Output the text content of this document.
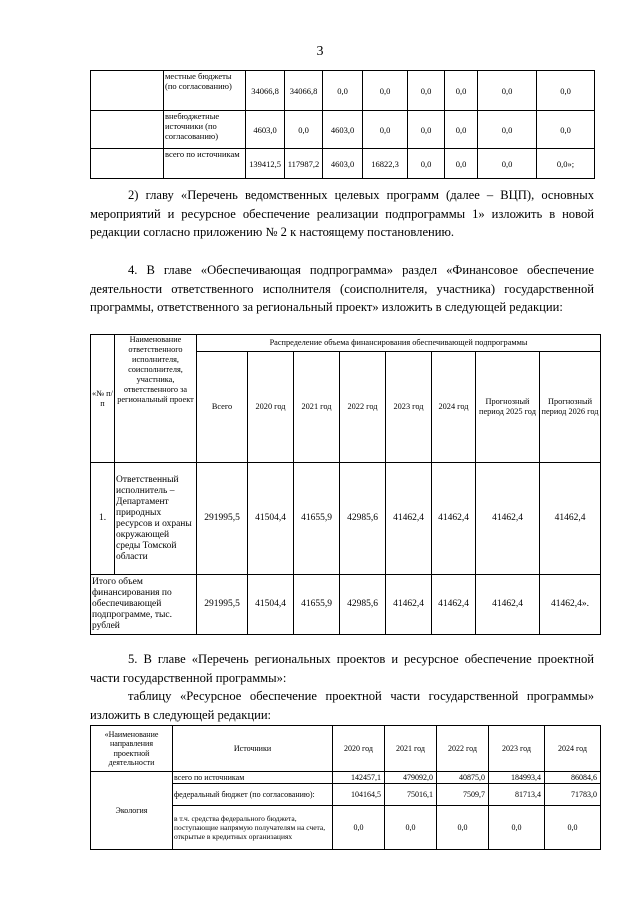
3
	местные бюджеты (по согласованию)	34066,8	34066,8	0,0	0,0	0,0	0,0	0,0	0,0
	внебюджетные источники (по согласованию)	4603,0	0,0	4603,0	0,0	0,0	0,0	0,0	0,0
	всего по источникам	139412,5	117987,2	4603,0	16822,3	0,0	0,0	0,0	0,0»;

2) главу «Перечень ведомственных целевых программ (далее – ВЦП), основных мероприятий и ресурсное обеспечение реализации подпрограммы 1» изложить в новой редакции согласно приложению № 2 к настоящему постановлению.

4. В главе «Обеспечивающая подпрограмма» раздел «Финансовое обеспечение деятельности ответственного исполнителя (соисполнителя, участника) государственной программы, ответственного за региональный проект» изложить в следующей редакции:

«№ п/п	Наименование ответственного исполнителя, соисполнителя, участника, ответственного за региональный проект	Распределение объема финансирования обеспечивающей подпрограммы							
		Всего	2020 год	2021 год	2022 год	2023 год	2024 год	Прогнозный период 2025 год	Прогнозный период 2026 год
1.	Ответственный исполнитель – Департамент природных ресурсов и охраны окружающей среды Томской области	291995,5	41504,4	41655,9	42985,6	41462,4	41462,4	41462,4	41462,4
Итого объем финансирования по обеспечивающей подпрограмме, тыс. рублей		291995,5	41504,4	41655,9	42985,6	41462,4	41462,4	41462,4	41462,4».

5. В главе «Перечень региональных проектов и ресурсное обеспечение проектной части государственной программы»:

таблицу «Ресурсное обеспечение проектной части государственной программы» изложить в следующей редакции:

«Наименование направления проектной деятельности	Источники	2020 год	2021 год	2022 год	2023 год	2024 год
Экология	всего по источникам	142457,1	479092,0	40875,0	184993,4	86084,6
	федеральный бюджет (по согласованию):	104164,5	75016,1	7509,7	81713,4	71783,0
	в т.ч. средства федерального бюджета, поступающие напрямую получателям на счета, открытые в кредитных организациях	0,0	0,0	0,0	0,0	0,0
